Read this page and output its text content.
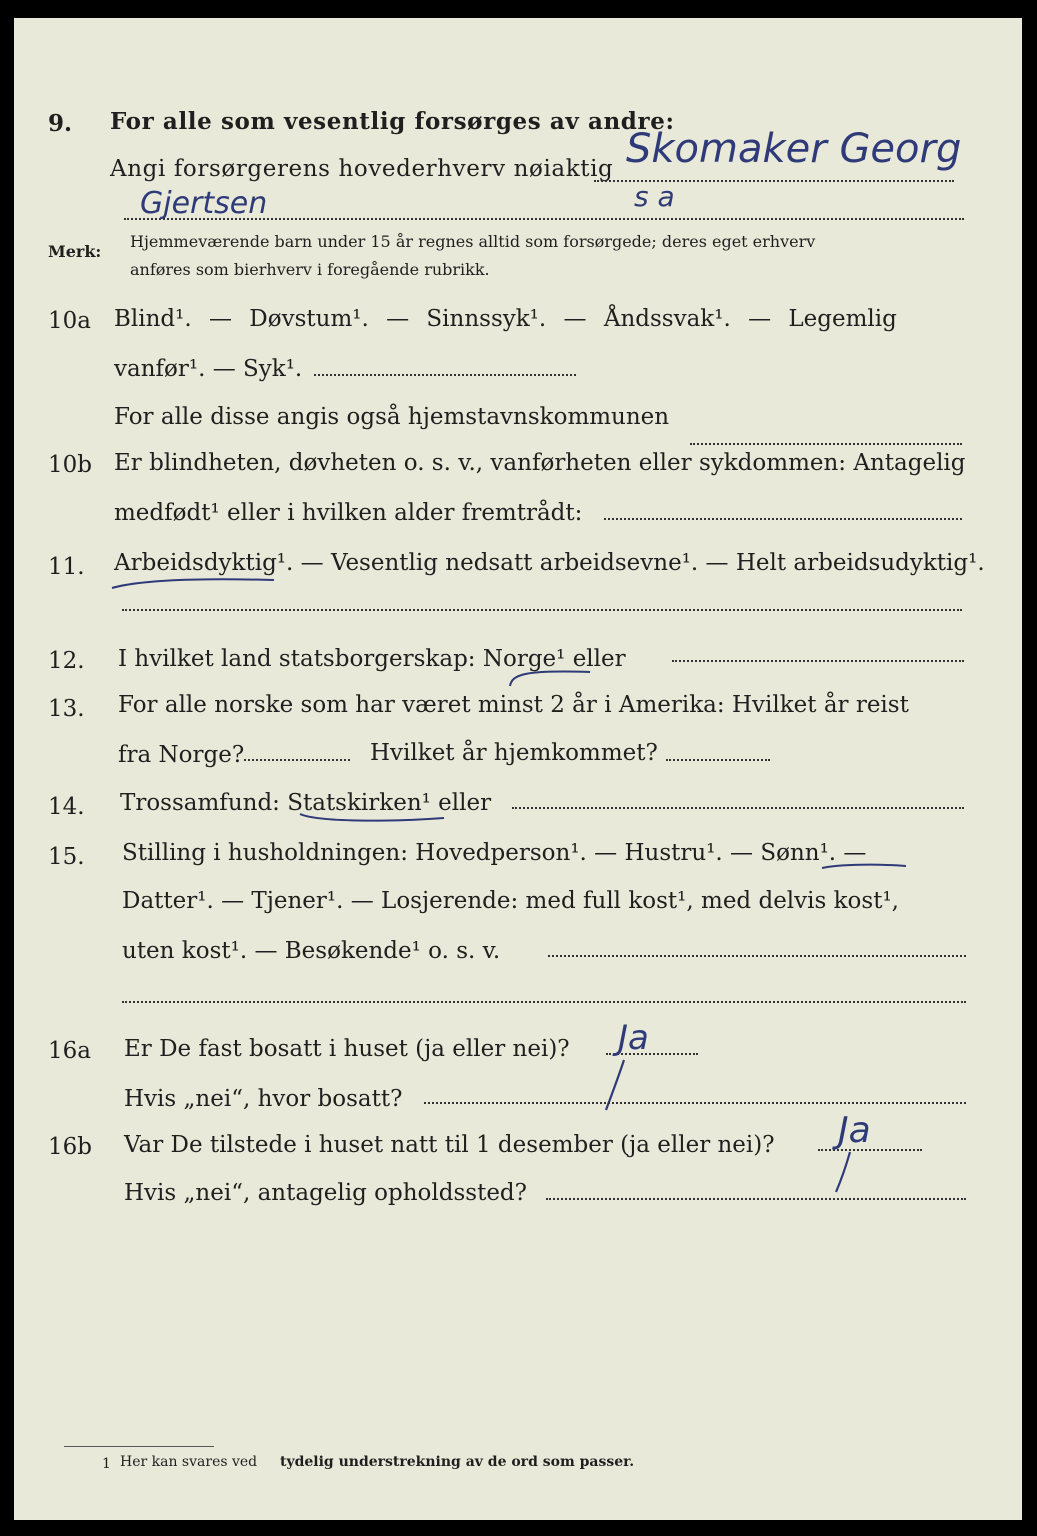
9. For alle som vesentlig forsørges av andre:
Angi forsørgerens hovederhverv nøiaktig Skomaker Georg
s a
Gjertsen
Merk:
Hjemmeværende barn under 15 år regnes alltid som forsørgede; deres eget erhverv
anføres som bierhverv i foregående rubrikk.
10a Blind¹. — Døvstum¹. — Sinnssyk¹. — Åndssvak¹. — Legemlig
vanfør¹. — Syk¹.
For alle disse angis også hjemstavnskommunen
10b Er blindheten, døvheten o. s. v., vanførheten eller sykdommen: Antagelig
medfødt¹ eller i hvilken alder fremtrådt:
11. Arbeidsdyktig¹. — Vesentlig nedsatt arbeidsevne¹. — Helt arbeidsudyktig¹.
12. I hvilket land statsborgerskap: Norge¹ eller
13. For alle norske som har været minst 2 år i Amerika: Hvilket år reist
fra Norge?	Hvilket år hjemkommet?
14. Trossamfund: Statskirken¹ eller
15. Stilling i husholdningen: Hovedperson¹. — Hustru¹. — Sønn¹. —
Datter¹. — Tjener¹. — Losjerende: med full kost¹, med delvis kost¹,
uten kost¹. — Besøkende¹ o. s. v.
16a Er De fast bosatt i huset (ja eller nei)? Ja
Hvis „nei“, hvor bosatt?
16b Var De tilstede i huset natt til 1 desember (ja eller nei)? Ja
Hvis „nei“, antagelig opholdssted?
1 Her kan svares ved tydelig understrekning av de ord som passer.
